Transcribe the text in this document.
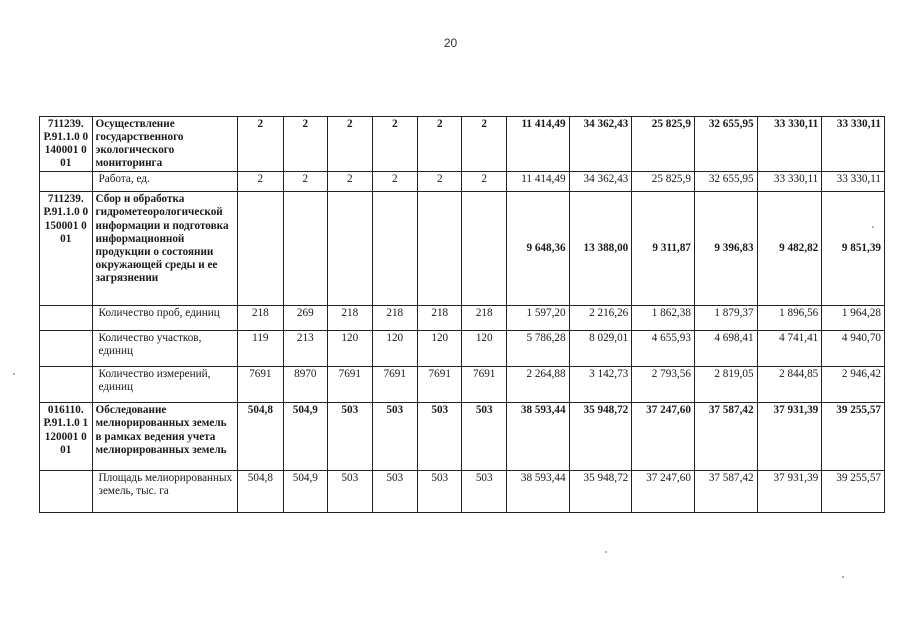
20
711239. Р.91.1.0 0140001 001	Осуществление государственного экологического мониторинга	2	2	2	2	2	2	11 414,49	34 362,43	25 825,9	32 655,95	33 330,11	33 330,11
	Работа, ед.	2	2	2	2	2	2	11 414,49	34 362,43	25 825,9	32 655,95	33 330,11	33 330,11
711239. Р.91.1.0 0150001 001	Сбор и обработка гидрометеорологической информации и подготовка информационной продукции о состоянии окружающей среды и ее загрязнении							9 648,36	13 388,00	9 311,87	9 396,83	9 482,82	9 851,39
	Количество проб, единиц	218	269	218	218	218	218	1 597,20	2 216,26	1 862,38	1 879,37	1 896,56	1 964,28
	Количество участков, единиц	119	213	120	120	120	120	5 786,28	8 029,01	4 655,93	4 698,41	4 741,41	4 940,70
	Количество измерений, единиц	7691	8970	7691	7691	7691	7691	2 264,88	3 142,73	2 793,56	2 819,05	2 844,85	2 946,42
016110. Р.91.1.0 1120001 001	Обследование мелиорированных земель в рамках ведения учета мелиорированных земель	504,8	504,9	503	503	503	503	38 593,44	35 948,72	37 247,60	37 587,42	37 931,39	39 255,57
	Площадь мелиорированных земель, тыс. га	504,8	504,9	503	503	503	503	38 593,44	35 948,72	37 247,60	37 587,42	37 931,39	39 255,57
